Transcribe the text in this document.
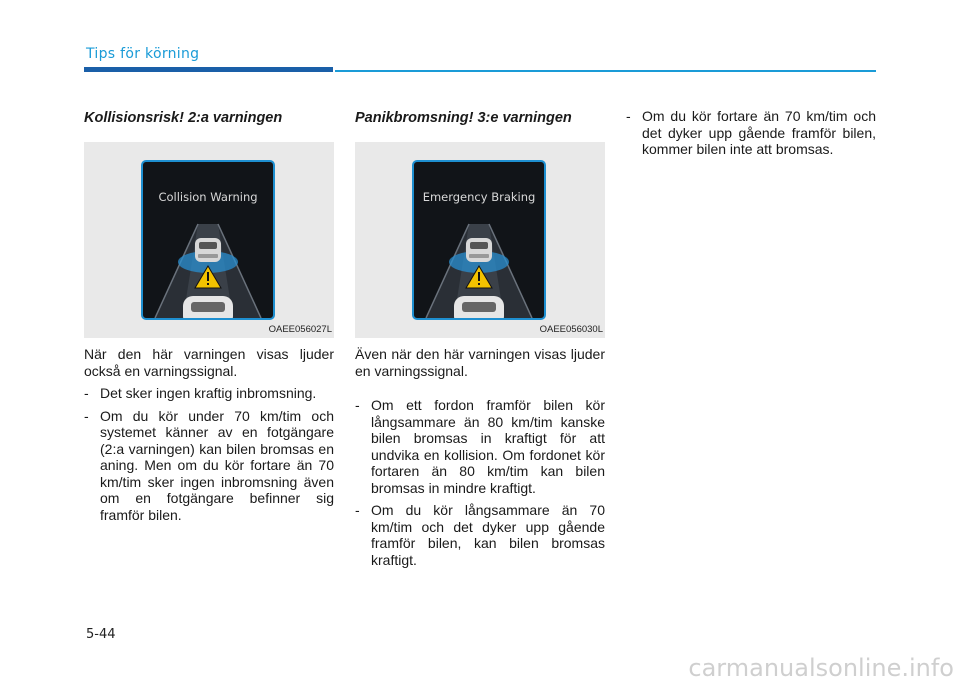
Tips för körning
Kollisionsrisk! 2:a varningen
Collision Warning
OAEE056027L

När den här varningen visas ljuder också en varningssignal.

- Det sker ingen kraftig inbromsning.

- Om du kör under 70 km/tim och systemet känner av en fotgängare (2:a varningen) kan bilen bromsas en aning. Men om du kör fortare än 70 km/tim sker ingen inbromsning även om en fotgängare befinner sig framför bilen.

Panikbromsning! 3:e varningen
Emergency Braking
OAEE056030L

Även när den här varningen visas ljuder en varningssignal.

- Om ett fordon framför bilen kör långsammare än 80 km/tim kanske bilen bromsas in kraftigt för att undvika en kollision. Om fordonet kör fortaren än 80 km/tim kan bilen bromsas in mindre kraftigt.

- Om du kör långsammare än 70 km/tim och det dyker upp gående framför bilen, kan bilen bromsas kraftigt.

- Om du kör fortare än 70 km/tim och det dyker upp gående framför bilen, kommer bilen inte att bromsas.

5-44
carmanualsonline.info
